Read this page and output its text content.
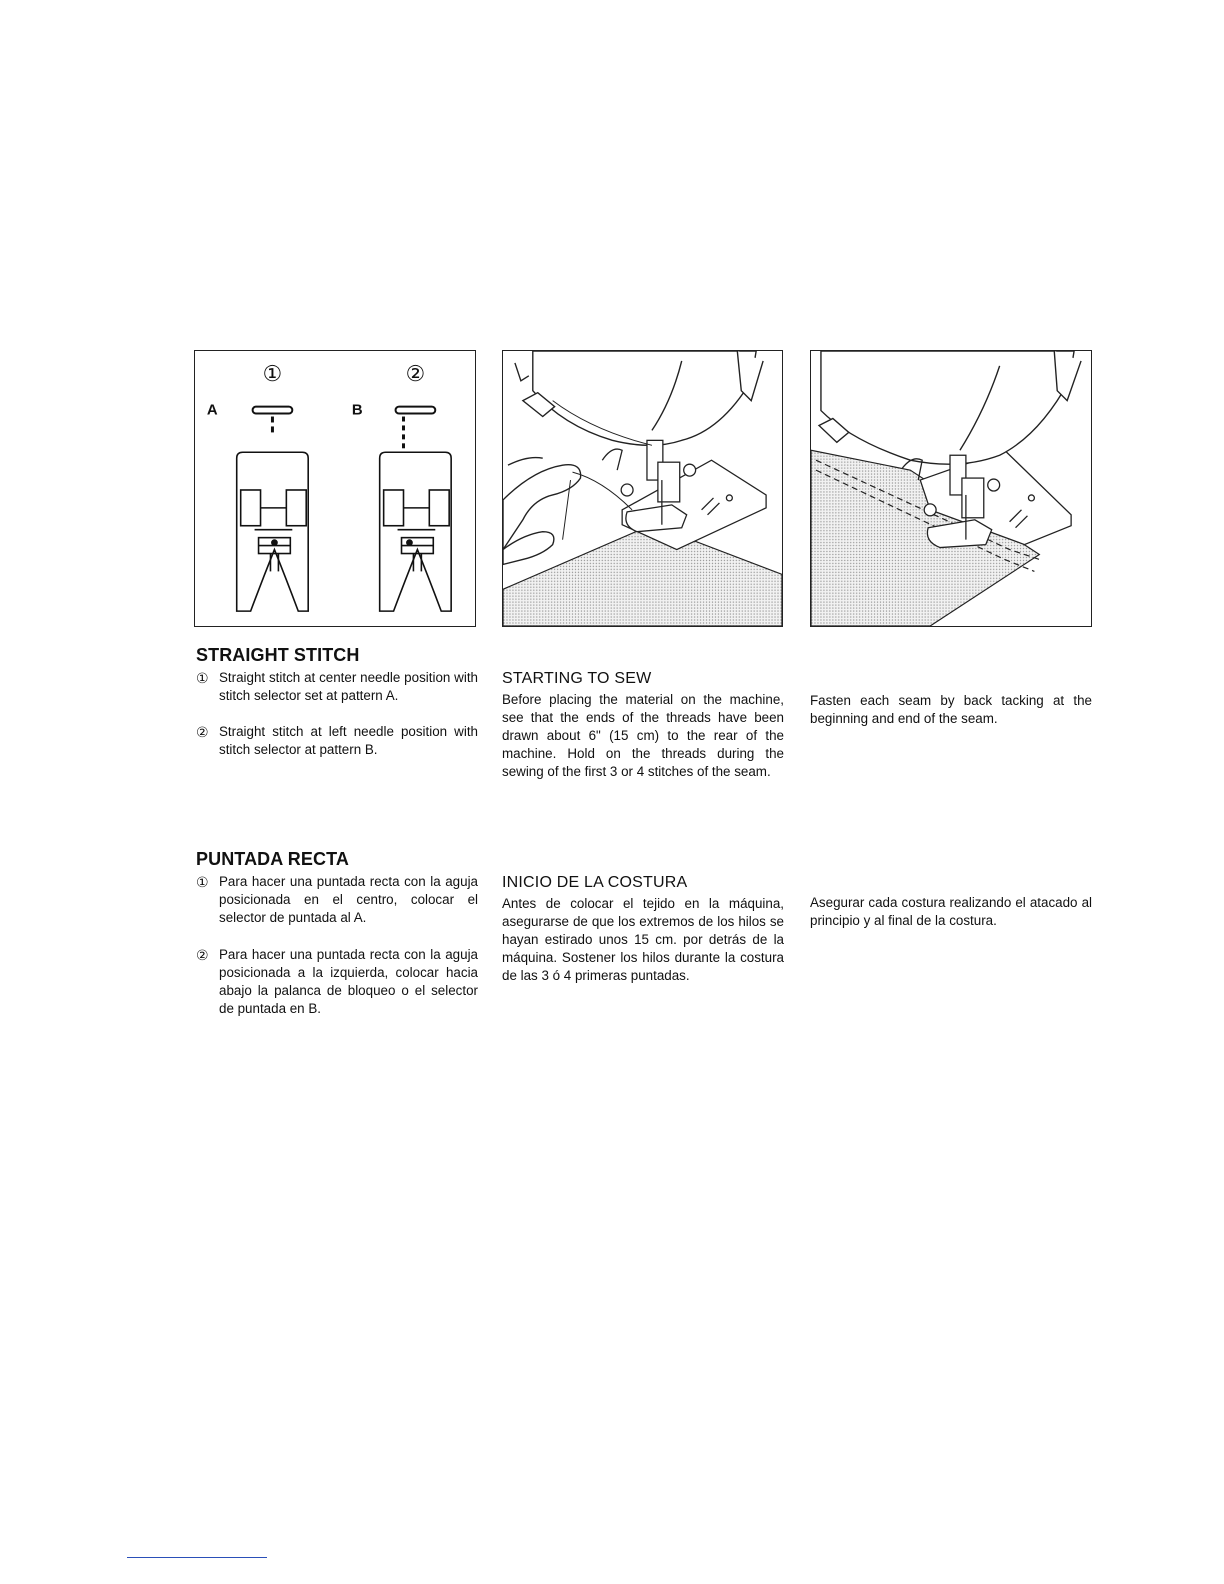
①	②
A	B
STRAIGHT STITCH
① Straight stitch at center needle position with stitch selector set at pattern A.
② Straight stitch at left needle position with stitch selector at pattern B.
STARTING TO SEW

Before placing the material on the machine, see that the ends of the threads have been drawn about 6" (15 cm) to the rear of the machine. Hold on the threads during the sewing of the first 3 or 4 stitches of the seam.

Fasten each seam by back tacking at the beginning and end of the seam.

PUNTADA RECTA
① Para hacer una puntada recta con la aguja posicionada en el centro, colocar el selector de puntada al A.
② Para hacer una puntada recta con la aguja posicionada a la izquierda, colocar hacia abajo la palanca de bloqueo o el selector de puntada en B.
INICIO DE LA COSTURA

Antes de colocar el tejido en la máquina, asegurarse de que los extremos de los hilos se hayan estirado unos 15 cm. por detrás de la máquina. Sostener los hilos durante la costura de las 3 ó 4 primeras puntadas.

Asegurar cada costura realizando el atacado al principio y al final de la costura.
